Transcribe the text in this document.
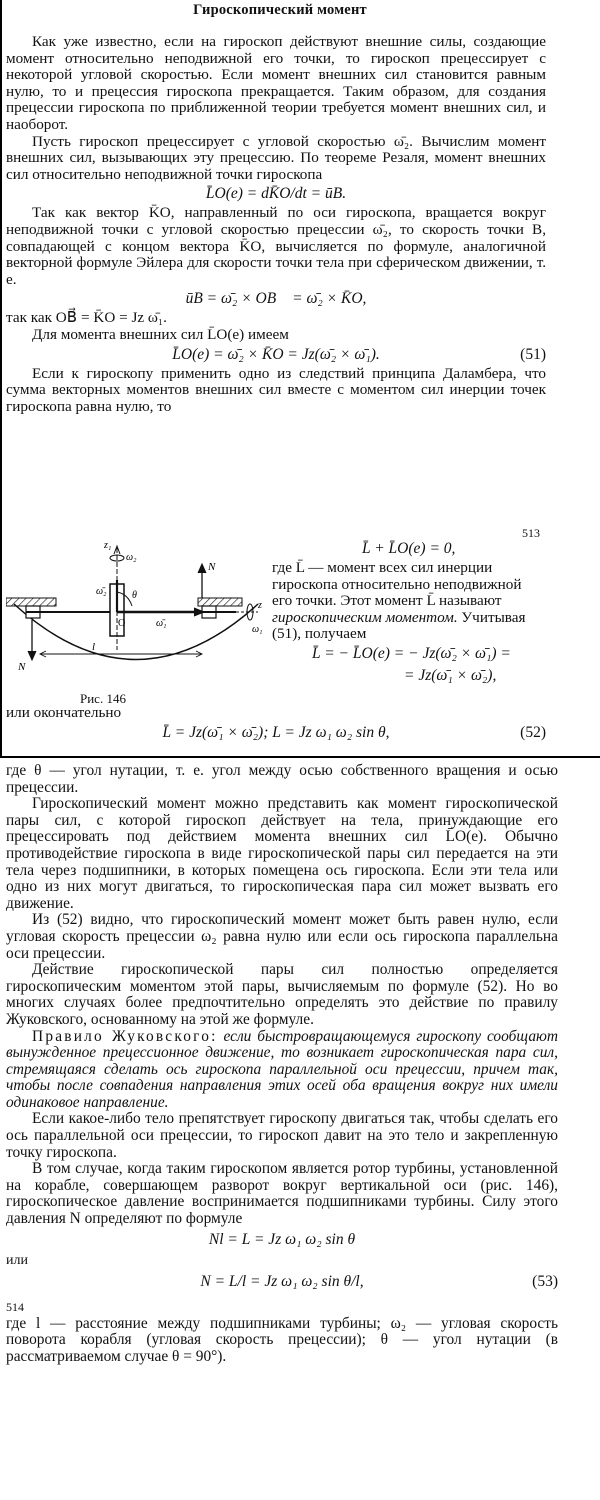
Гироскопический момент

Как уже известно, если на гироскоп действуют внешние силы, создающие момент относительно неподвижной его точки, то гироскоп прецессирует с некоторой угловой скоростью. Если момент внешних сил становится равным нулю, то и прецессия гироскопа прекращается. Таким образом, для создания прецессии гироскопа по приближенной теории требуется момент внешних сил, и наоборот.

Пусть гироскоп прецессирует с угловой скоростью ω̄₂. Вычислим момент внешних сил, вызывающих эту прецессию. По теореме Резаля, момент внешних сил относительно неподвижной точки гироскопа

L̄O(e) = dK̄O/dt = ūB.

Так как вектор K̄O, направленный по оси гироскопа, вращается вокруг неподвижной точки с угловой скоростью прецессии ω̄₂, то скорость точки B, совпадающей с концом вектора K̄O, вычисляется по формуле, аналогичной векторной формуле Эйлера для скорости точки тела при сферическом движении, т. е.

ūB = ω̄₂ × OB⃗ = ω̄₂ × K̄O,

так как OB⃗ = K̄O = Jz ω̄₁.

Для момента внешних сил L̄O(e) имеем

L̄O(e) = ω̄₂ × K̄O = Jz(ω̄₂ × ω̄₁).	(51)

Если к гироскопу применить одно из следствий принципа Даламбера, что сумма векторных моментов внешних сил вместе с моментом сил инерции точек гироскопа равна нулю, то

513
z₁
ω₂
N
ω̄₂	θ
O	ω̄₁
z
ω₁
l
N
Рис. 146
L̄ + L̄O(e) = 0,

где L̄ — момент всех сил инерции гироскопа относительно неподвижной его точки. Этот момент L̄ называют гироскопическим моментом. Учитывая (51), получаем

L̄ = − L̄O(e) = − Jz(ω̄₂ × ω̄₁) =
= Jz(ω̄₁ × ω̄₂),

или окончательно

L̄ = Jz(ω̄₁ × ω̄₂); L = Jz ω₁ ω₂ sin θ,	(52)

где θ — угол нутации, т. е. угол между осью собственного вращения и осью прецессии.

Гироскопический момент можно представить как момент гироскопической пары сил, с которой гироскоп действует на тела, принуждающие его прецессировать под действием момента внешних сил L̄O(e). Обычно противодействие гироскопа в виде гироскопической пары сил передается на эти тела через подшипники, в которых помещена ось гироскопа. Если эти тела или одно из них могут двигаться, то гироскопическая пара сил может вызвать его движение.

Из (52) видно, что гироскопический момент может быть равен нулю, если угловая скорость прецессии ω₂ равна нулю или если ось гироскопа параллельна оси прецессии.

Действие гироскопической пары сил полностью определяется гироскопическим моментом этой пары, вычисляемым по формуле (52). Но во многих случаях более предпочтительно определять это действие по правилу Жуковского, основанному на этой же формуле.

Правило Жуковского: если быстровращающемуся гироскопу сообщают вынужденное прецессионное движение, то возникает гироскопическая пара сил, стремящаяся сделать ось гироскопа параллельной оси прецессии, причем так, чтобы после совпадения направления этих осей оба вращения вокруг них имели одинаковое направление.

Если какое-либо тело препятствует гироскопу двигаться так, чтобы сделать его ось параллельной оси прецессии, то гироскоп давит на это тело и закрепленную точку гироскопа.

В том случае, когда таким гироскопом является ротор турбины, установленной на корабле, совершающем разворот вокруг вертикальной оси (рис. 146), гироскопическое давление воспринимается подшипниками турбины. Силу этого давления N определяют по формуле

Nl = L = Jz ω₁ ω₂ sin θ
или
N = L/l = Jz ω₁ ω₂ sin θ/l,	(53)
514

где l — расстояние между подшипниками турбины; ω₂ — угловая скорость поворота корабля (угловая скорость прецессии); θ — угол нутации (в рассматриваемом случае θ = 90°).
